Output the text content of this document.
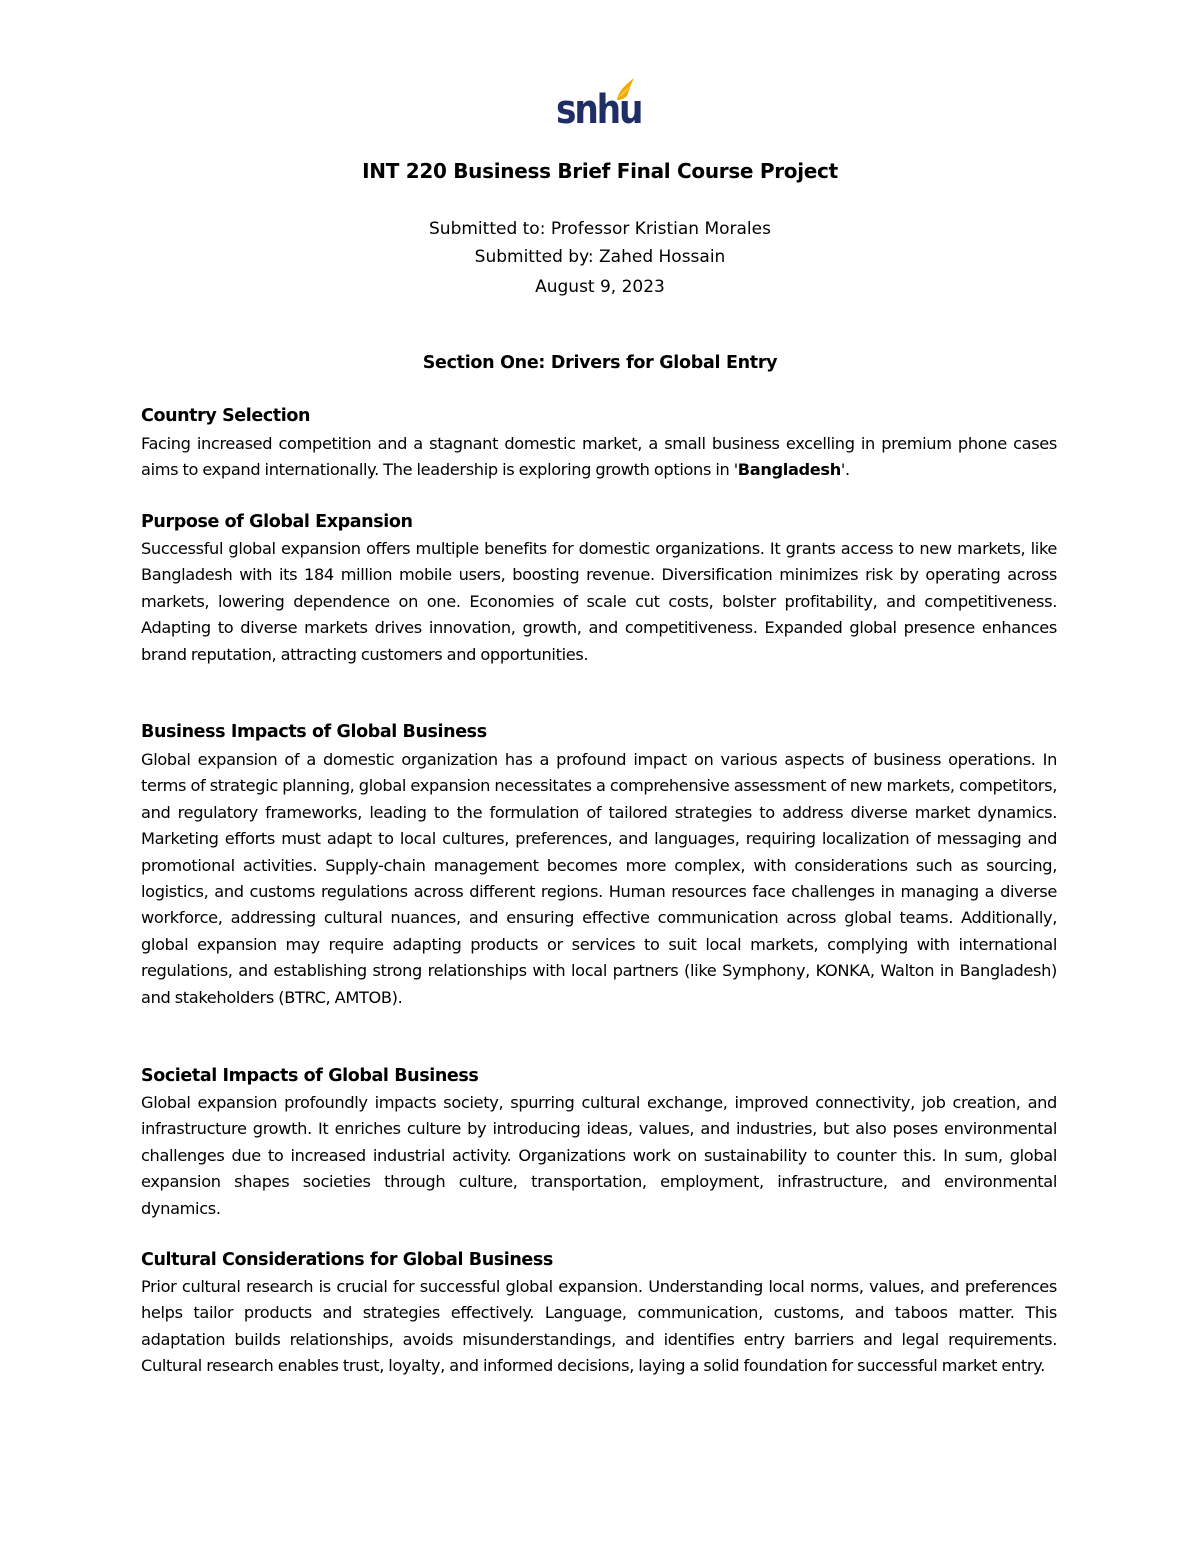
snhu
INT 220 Business Brief Final Course Project
Submitted to: Professor Kristian Morales
Submitted by: Zahed Hossain
August 9, 2023
Section One: Drivers for Global Entry
Country Selection
Facing increased competition and a stagnant domestic market, a small business excelling in premium phone cases aims to expand internationally. The leadership is exploring growth options in 'Bangladesh'.
Purpose of Global Expansion
Successful global expansion offers multiple benefits for domestic organizations. It grants access to new markets, like Bangladesh with its 184 million mobile users, boosting revenue. Diversification minimizes risk by operating across markets, lowering dependence on one. Economies of scale cut costs, bolster profitability, and competitiveness. Adapting to diverse markets drives innovation, growth, and competitiveness. Expanded global presence enhances brand reputation, attracting customers and opportunities.
Business Impacts of Global Business
Global expansion of a domestic organization has a profound impact on various aspects of business operations. In terms of strategic planning, global expansion necessitates a comprehensive assessment of new markets, competitors, and regulatory frameworks, leading to the formulation of tailored strategies to address diverse market dynamics. Marketing efforts must adapt to local cultures, preferences, and languages, requiring localization of messaging and promotional activities. Supply-chain management becomes more complex, with considerations such as sourcing, logistics, and customs regulations across different regions. Human resources face challenges in managing a diverse workforce, addressing cultural nuances, and ensuring effective communication across global teams. Additionally, global expansion may require adapting products or services to suit local markets, complying with international regulations, and establishing strong relationships with local partners (like Symphony, KONKA, Walton in Bangladesh) and stakeholders (BTRC, AMTOB).
Societal Impacts of Global Business
Global expansion profoundly impacts society, spurring cultural exchange, improved connectivity, job creation, and infrastructure growth. It enriches culture by introducing ideas, values, and industries, but also poses environmental challenges due to increased industrial activity. Organizations work on sustainability to counter this. In sum, global expansion shapes societies through culture, transportation, employment, infrastructure, and environmental dynamics.
Cultural Considerations for Global Business
Prior cultural research is crucial for successful global expansion. Understanding local norms, values, and preferences helps tailor products and strategies effectively. Language, communication, customs, and taboos matter. This adaptation builds relationships, avoids misunderstandings, and identifies entry barriers and legal requirements. Cultural research enables trust, loyalty, and informed decisions, laying a solid foundation for successful market entry.
